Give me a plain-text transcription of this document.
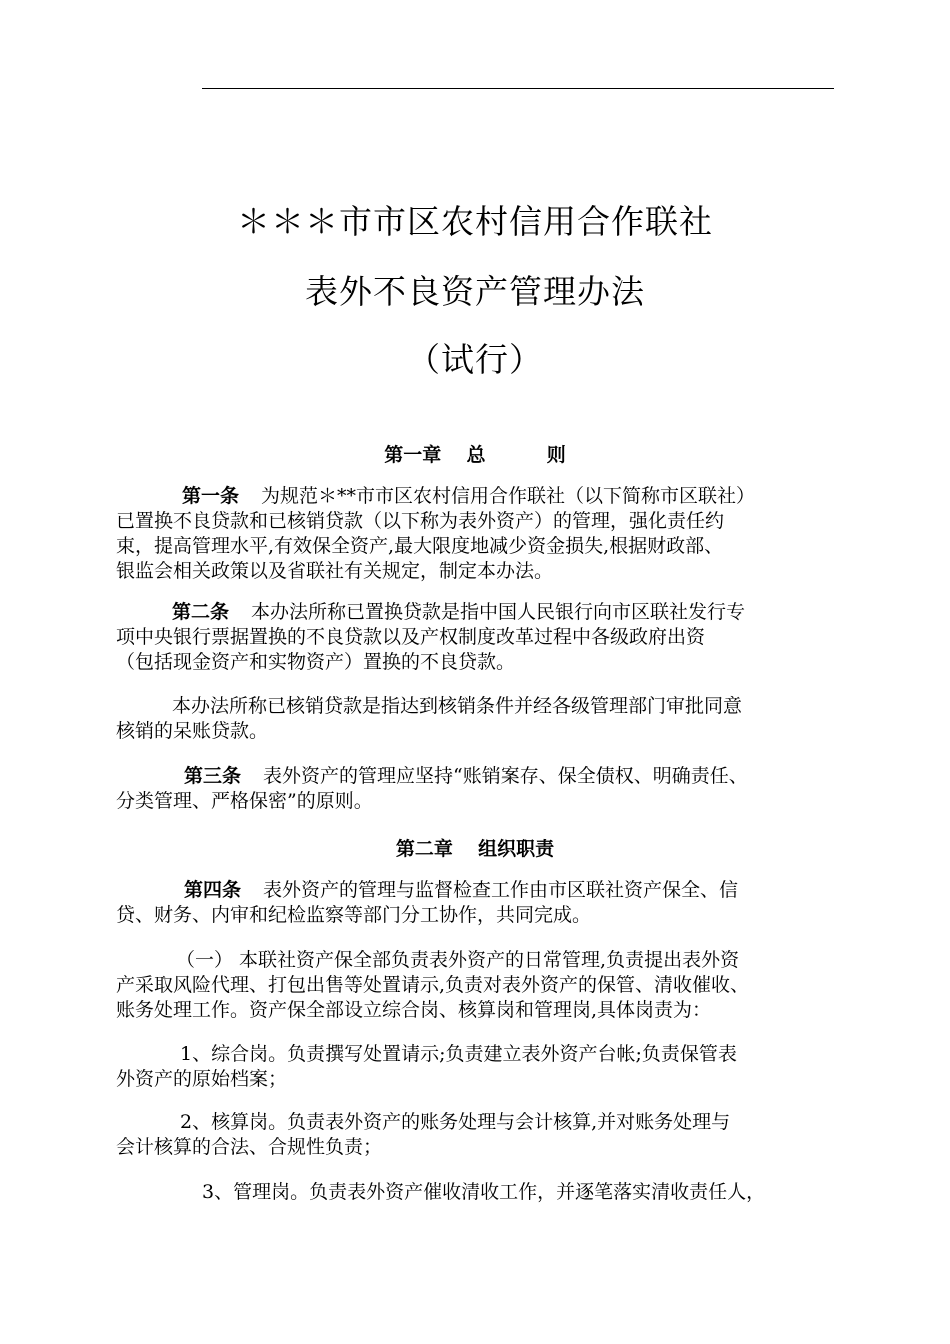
＊＊＊市市区农村信用合作联社
表外不良资产管理办法
（试行）
第一章 总	则
第一条 为规范＊**市市区农村信用合作联社（以下简称市区联社）
已置换不良贷款和已核销贷款（以下称为表外资产）的管理，强化责任约
束，提高管理水平,有效保全资产,最大限度地减少资金损失,根据财政部、
银监会相关政策以及省联社有关规定，制定本办法。
第二条 本办法所称已置换贷款是指中国人民银行向市区联社发行专
项中央银行票据置换的不良贷款以及产权制度改革过程中各级政府出资
（包括现金资产和实物资产）置换的不良贷款。
本办法所称已核销贷款是指达到核销条件并经各级管理部门审批同意
核销的呆账贷款。
第三条 表外资产的管理应坚持“账销案存、保全债权、明确责任、
分类管理、严格保密”的原则。
第二章 组织职责
第四条 表外资产的管理与监督检查工作由市区联社资产保全、信
贷、财务、内审和纪检监察等部门分工协作，共同完成。
（一） 本联社资产保全部负责表外资产的日常管理,负责提出表外资
产采取风险代理、打包出售等处置请示,负责对表外资产的保管、清收催收、
账务处理工作。资产保全部设立综合岗、核算岗和管理岗,具体岗责为：
1、综合岗。负责撰写处置请示;负责建立表外资产台帐;负责保管表
外资产的原始档案；
2、核算岗。负责表外资产的账务处理与会计核算,并对账务处理与
会计核算的合法、合规性负责；
3、管理岗。负责表外资产催收清收工作，并逐笔落实清收责任人，
